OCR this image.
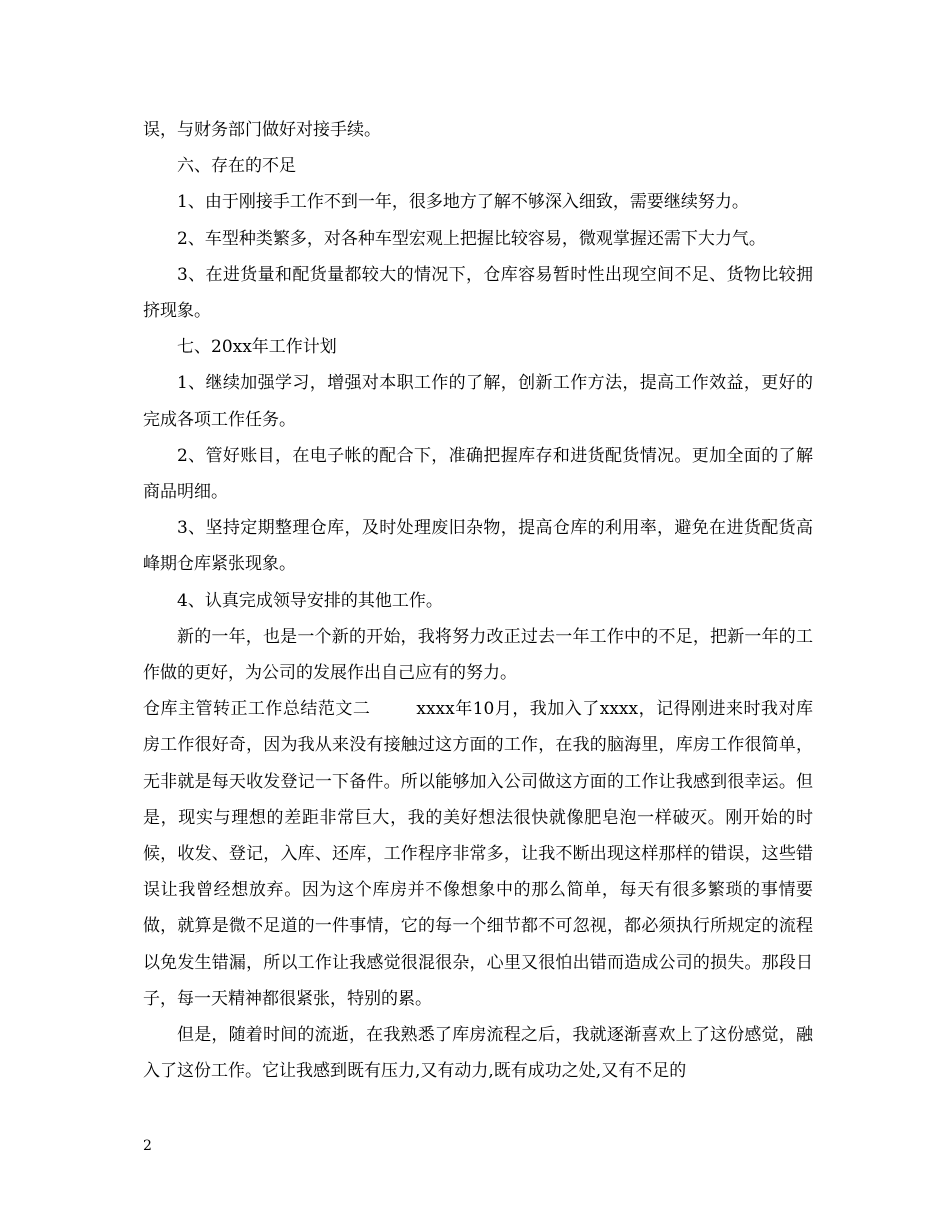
误，与财务部门做好对接手续。

六、存在的不足

1、由于刚接手工作不到一年，很多地方了解不够深入细致，需要继续努力。

2、车型种类繁多，对各种车型宏观上把握比较容易，微观掌握还需下大力气。

3、在进货量和配货量都较大的情况下，仓库容易暂时性出现空间不足、货物比较拥挤现象。

七、20xx年工作计划

1、继续加强学习，增强对本职工作的了解，创新工作方法，提高工作效益，更好的完成各项工作任务。

2、管好账目，在电子帐的配合下，准确把握库存和进货配货情况。更加全面的了解商品明细。

3、坚持定期整理仓库，及时处理废旧杂物，提高仓库的利用率，避免在进货配货高峰期仓库紧张现象。

4、认真完成领导安排的其他工作。

新的一年，也是一个新的开始，我将努力改正过去一年工作中的不足，把新一年的工作做的更好，为公司的发展作出自己应有的努力。

仓库主管转正工作总结范文二	xxxx年10月，我加入了xxxx，记得刚进来时我对库房工作很好奇，因为我从来没有接触过这方面的工作，在我的脑海里，库房工作很简单，无非就是每天收发登记一下备件。所以能够加入公司做这方面的工作让我感到很幸运。但是，现实与理想的差距非常巨大，我的美好想法很快就像肥皂泡一样破灭。刚开始的时候，收发、登记，入库、还库，工作程序非常多，让我不断出现这样那样的错误，这些错误让我曾经想放弃。因为这个库房并不像想象中的那么简单，每天有很多繁琐的事情要做，就算是微不足道的一件事情，它的每一个细节都不可忽视，都必须执行所规定的流程以免发生错漏，所以工作让我感觉很混很杂，心里又很怕出错而造成公司的损失。那段日子，每一天精神都很紧张，特别的累。

但是，随着时间的流逝，在我熟悉了库房流程之后，我就逐渐喜欢上了这份感觉，融入了这份工作。它让我感到既有压力,又有动力,既有成功之处,又有不足的

2
